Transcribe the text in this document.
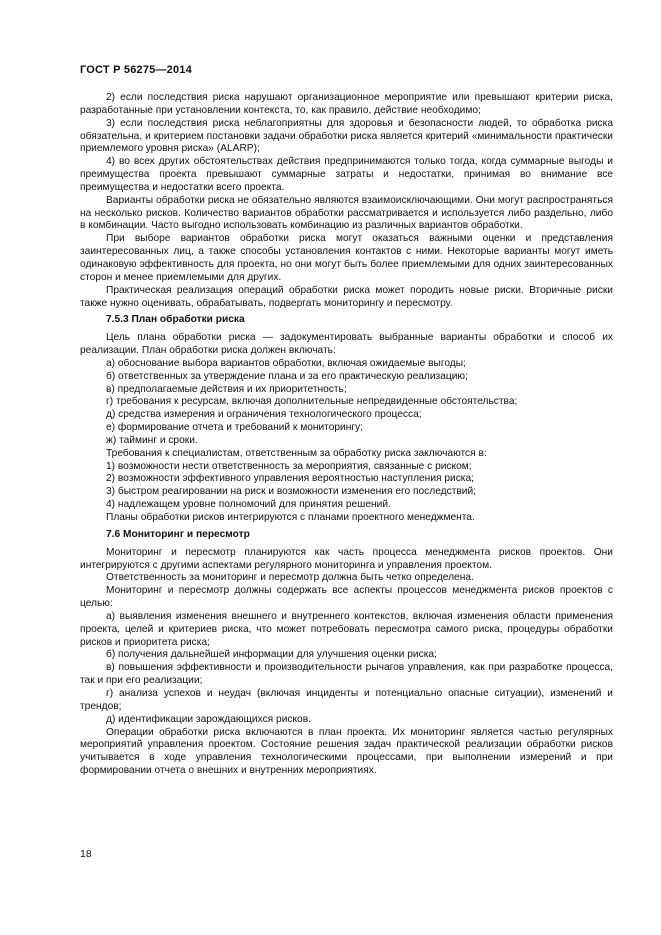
ГОСТ Р 56275—2014

2) если последствия риска нарушают организационное мероприятие или превышают критерии риска, разработанные при установлении контекста, то, как правило, действие необходимо;

3) если последствия риска неблагоприятны для здоровья и безопасности людей, то обработка риска обязательна, и критерием постановки задачи обработки риска является критерий «минимальности практически приемлемого уровня риска» (ALARP);

4) во всех других обстоятельствах действия предпринимаются только тогда, когда суммарные выгоды и преимущества проекта превышают суммарные затраты и недостатки, принимая во внимание все преимущества и недостатки всего проекта.

Варианты обработки риска не обязательно являются взаимоисключающими. Они могут распространяться на несколько рисков. Количество вариантов обработки рассматривается и используется либо раздельно, либо в комбинации. Часто выгодно использовать комбинацию из различных вариантов обработки.

При выборе вариантов обработки риска могут оказаться важными оценки и представления заинтересованных лиц, а также способы установления контактов с ними. Некоторые варианты могут иметь одинаковую эффективность для проекта, но они могут быть более приемлемыми для одних заинтересованных сторон и менее приемлемыми для других.

Практическая реализация операций обработки риска может породить новые риски. Вторичные риски также нужно оценивать, обрабатывать, подвергать мониторингу и пересмотру.

7.5.3 План обработки риска

Цель плана обработки риска — задокументировать выбранные варианты обработки и способ их реализации. План обработки риска должен включать:

а) обоснование выбора вариантов обработки, включая ожидаемые выгоды;

б) ответственных за утверждение плана и за его практическую реализацию;

в) предполагаемые действия и их приоритетность;

г) требования к ресурсам, включая дополнительные непредвиденные обстоятельства;

д) средства измерения и ограничения технологического процесса;

е) формирование отчета и требований к мониторингу;

ж) тайминг и сроки.

Требования к специалистам, ответственным за обработку риска заключаются в:

1) возможности нести ответственность за мероприятия, связанные с риском;

2) возможности эффективного управления вероятностью наступления риска;

3) быстром реагировании на риск и возможности изменения его последствий;

4) надлежащем уровне полномочий для принятия решений.

Планы обработки рисков интегрируются с планами проектного менеджмента.

7.6 Мониторинг и пересмотр

Мониторинг и пересмотр планируются как часть процесса менеджмента рисков проектов. Они интегрируются с другими аспектами регулярного мониторинга и управления проектом.

Ответственность за мониторинг и пересмотр должна быть четко определена.

Мониторинг и пересмотр должны содержать все аспекты процессов менеджмента рисков проектов с целью:

а) выявления изменения внешнего и внутреннего контекстов, включая изменения области применения проекта, целей и критериев риска, что может потребовать пересмотра самого риска, процедуры обработки рисков и приоритета риска;

б) получения дальнейшей информации для улучшения оценки риска;

в) повышения эффективности и производительности рычагов управления, как при разработке процесса, так и при его реализации;

г) анализа успехов и неудач (включая инциденты и потенциально опасные ситуации), изменений и трендов;

д) идентификации зарождающихся рисков.

Операции обработки риска включаются в план проекта. Их мониторинг является частью регулярных мероприятий управления проектом. Состояние решения задач практической реализации обработки рисков учитывается в ходе управления технологическими процессами, при выполнении измерений и при формировании отчета о внешних и внутренних мероприятиях.

18
